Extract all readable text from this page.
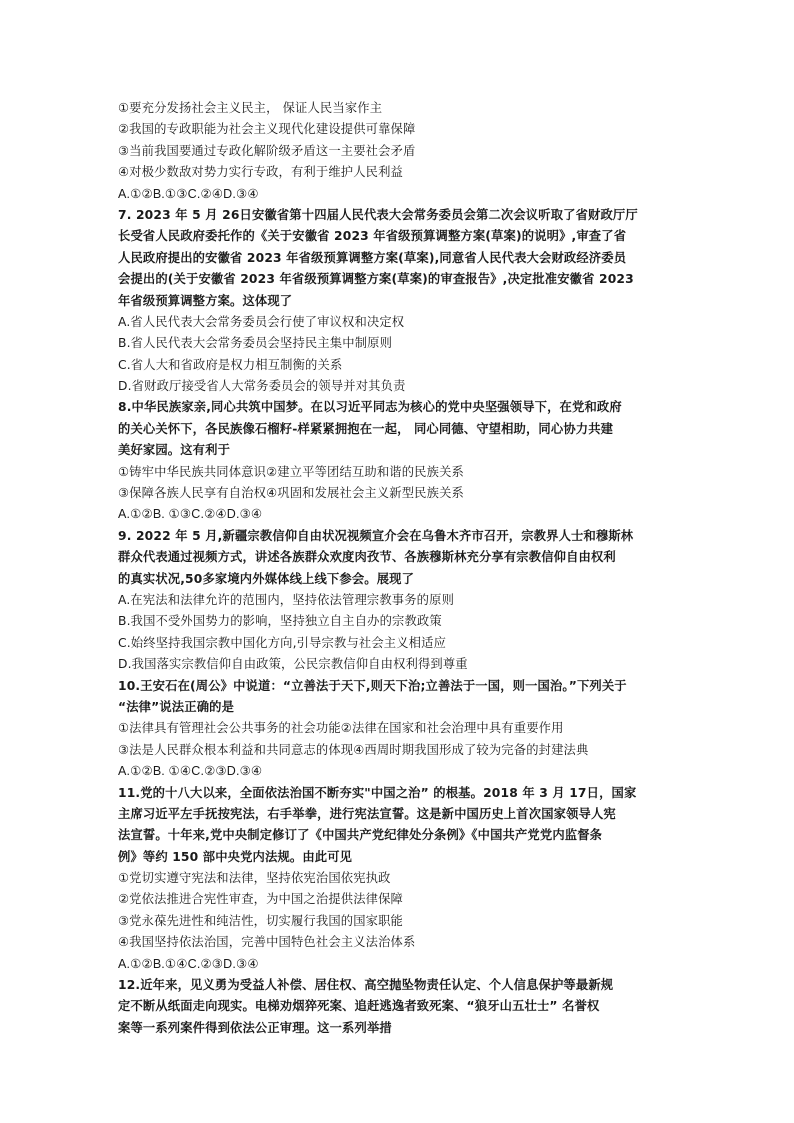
①要充分发扬社会主义民主， 保证人民当家作主
②我国的专政职能为社会主义现代化建设提供可靠保障
③当前我国要通过专政化解阶级矛盾这一主要社会矛盾
④对极少数敌对势力实行专政，有利于维护人民利益
A.①②B.①③C.②④D.③④
7. 2023 年 5 月 26日安徽省第十四届人民代表大会常务委员会第二次会议听取了省财政厅厅
长受省人民政府委托作的《关于安徽省 2023 年省级预算调整方案(草案)的说明》,审查了省
人民政府提出的安徽省 2023 年省级预算调整方案(草案),同意省人民代表大会财政经济委员
会提出的(关于安徽省 2023 年省级预算调整方案(草案)的审查报告》,决定批准安徽省 2023
年省级预算调整方案。这体现了
A.省人民代表大会常务委员会行使了审议权和决定权
B.省人民代表大会常务委员会坚持民主集中制原则
C.省人大和省政府是权力相互制衡的关系
D.省财政厅接受省人大常务委员会的领导并对其负责
8.中华民族家亲,同心共筑中国梦。在以习近平同志为核心的党中央坚强领导下，在党和政府
的关心关怀下，各民族像石榴籽-样紧紧拥抱在一起， 同心同德、守望相助，同心协力共建
美好家园。这有利于
①铸牢中华民族共同体意识②建立平等团结互助和谐的民族关系
③保障各族人民享有自治权④巩固和发展社会主义新型民族关系
A.①②B. ①③C.②④D.③④
9. 2022 年 5 月,新疆宗教信仰自由状况视频宣介会在乌鲁木齐市召开，宗教界人士和穆斯林
群众代表通过视频方式，讲述各族群众欢度肉孜节、各族穆斯林充分享有宗教信仰自由权利
的真实状况,50多家境内外媒体线上线下参会。展现了
A.在宪法和法律允许的范围内，坚持依法管理宗教事务的原则
B.我国不受外国势力的影响，坚持独立自主自办的宗教政策
C.始终坚持我国宗教中国化方向,引导宗教与社会主义相适应
D.我国落实宗教信仰自由政策，公民宗教信仰自由权利得到尊重
10.王安石在(周公》中说道：“立善法于天下,则天下治;立善法于一国，则一国治。”下列关于
“法律”说法正确的是
①法律具有管理社会公共事务的社会功能②法律在国家和社会治理中具有重要作用
③法是人民群众根本利益和共同意志的体现④西周时期我国形成了较为完备的封建法典
A.①②B. ①④C.②③D.③④
11.党的十八大以来，全面依法治国不断夯实"中国之治” 的根基。2018 年 3 月 17日，国家
主席习近平左手抚按宪法，右手举拳，进行宪法宣誓。这是新中国历史上首次国家领导人宪
法宣誓。十年来,党中央制定修订了《中国共产党纪律处分条例》《中国共产党党内监督条
例》等约 150 部中央党内法规。由此可见
①党切实遵守宪法和法律，坚持依宪治国依宪执政
②党依法推进合宪性审查，为中国之治提供法律保障
③党永葆先进性和纯洁性，切实履行我国的国家职能
④我国坚持依法治国，完善中国特色社会主义法治体系
A.①②B.①④C.②③D.③④
12.近年来，见义勇为受益人补偿、居住权、高空抛坠物责任认定、个人信息保护等最新规
定不断从纸面走向现实。电梯劝烟猝死案、追赶逃逸者致死案、“狼牙山五壮士” 名誉权
案等一系列案件得到依法公正审理。这一系列举措
